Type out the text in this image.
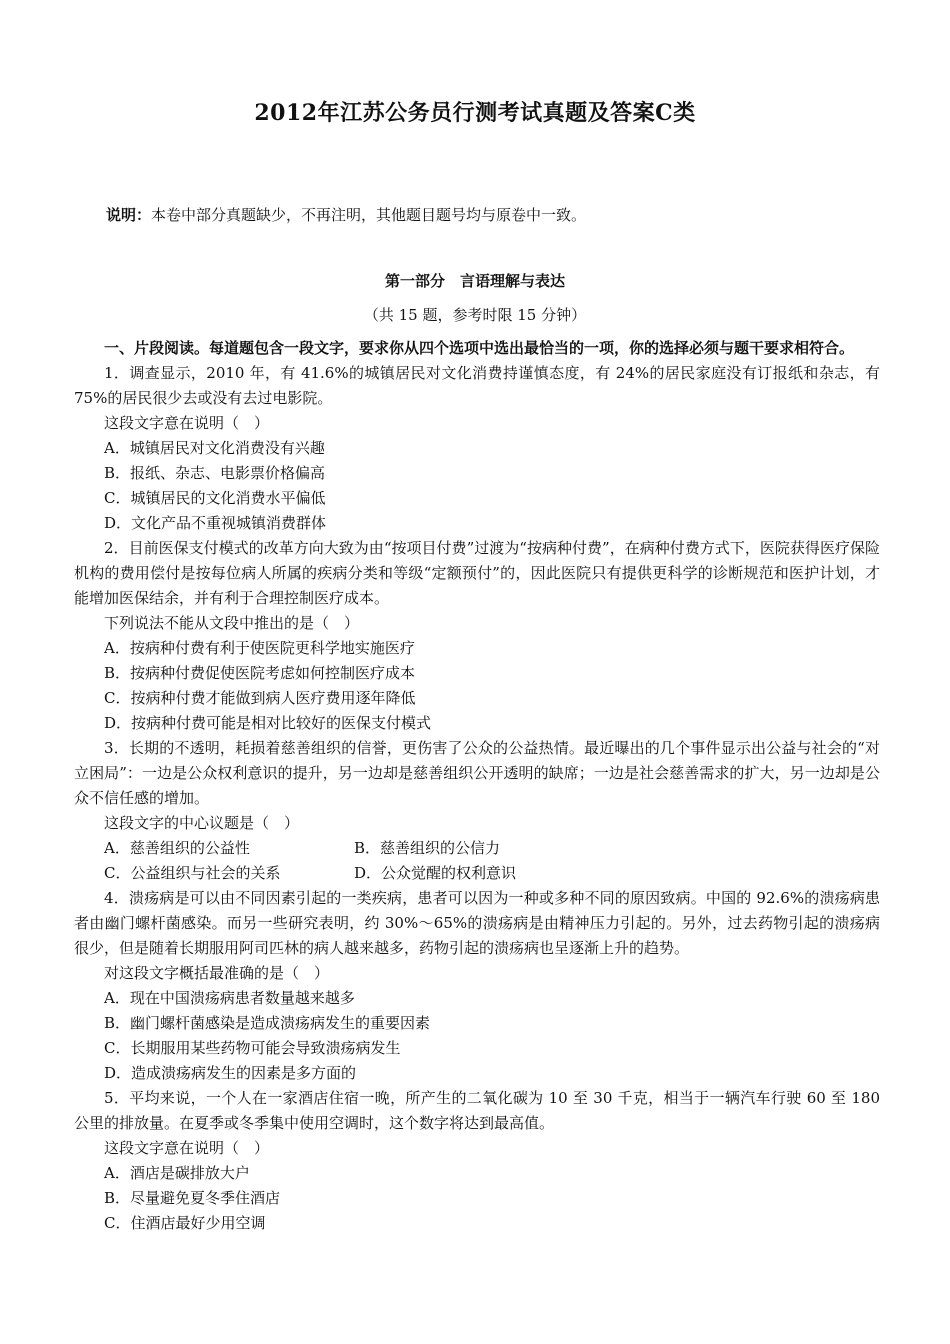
2012年江苏公务员行测考试真题及答案C类
说明：本卷中部分真题缺少，不再注明，其他题目题号均与原卷中一致。
第一部分　言语理解与表达
（共 15 题，参考时限 15 分钟）

一、片段阅读。每道题包含一段文字，要求你从四个选项中选出最恰当的一项，你的选择必须与题干要求相符合。

1．调查显示，2010 年，有 41.6%的城镇居民对文化消费持谨慎态度，有 24%的居民家庭没有订报纸和杂志，有 75%的居民很少去或没有去过电影院。

这段文字意在说明（　）

A．城镇居民对文化消费没有兴趣

B．报纸、杂志、电影票价格偏高

C．城镇居民的文化消费水平偏低

D．文化产品不重视城镇消费群体

2．目前医保支付模式的改革方向大致为由“按项目付费”过渡为“按病种付费”，在病种付费方式下，医院获得医疗保险机构的费用偿付是按每位病人所属的疾病分类和等级“定额预付”的，因此医院只有提供更科学的诊断规范和医护计划，才能增加医保结余，并有利于合理控制医疗成本。

下列说法不能从文段中推出的是（　）

A．按病种付费有利于使医院更科学地实施医疗

B．按病种付费促使医院考虑如何控制医疗成本

C．按病种付费才能做到病人医疗费用逐年降低

D．按病种付费可能是相对比较好的医保支付模式

3．长期的不透明，耗损着慈善组织的信誉，更伤害了公众的公益热情。最近曝出的几个事件显示出公益与社会的“对立困局”：一边是公众权利意识的提升，另一边却是慈善组织公开透明的缺席；一边是社会慈善需求的扩大，另一边却是公众不信任感的增加。

这段文字的中心议题是（　）

A．慈善组织的公益性	B．慈善组织的公信力
C．公益组织与社会的关系	D．公众觉醒的权利意识

4．溃疡病是可以由不同因素引起的一类疾病，患者可以因为一种或多种不同的原因致病。中国的 92.6%的溃疡病患者由幽门螺杆菌感染。而另一些研究表明，约 30%～65%的溃疡病是由精神压力引起的。另外，过去药物引起的溃疡病很少，但是随着长期服用阿司匹林的病人越来越多，药物引起的溃疡病也呈逐渐上升的趋势。

对这段文字概括最准确的是（　）

A．现在中国溃疡病患者数量越来越多

B．幽门螺杆菌感染是造成溃疡病发生的重要因素

C．长期服用某些药物可能会导致溃疡病发生

D．造成溃疡病发生的因素是多方面的

5．平均来说，一个人在一家酒店住宿一晚，所产生的二氧化碳为 10 至 30 千克，相当于一辆汽车行驶 60 至 180 公里的排放量。在夏季或冬季集中使用空调时，这个数字将达到最高值。

这段文字意在说明（　）

A．酒店是碳排放大户

B．尽量避免夏冬季住酒店

C．住酒店最好少用空调
